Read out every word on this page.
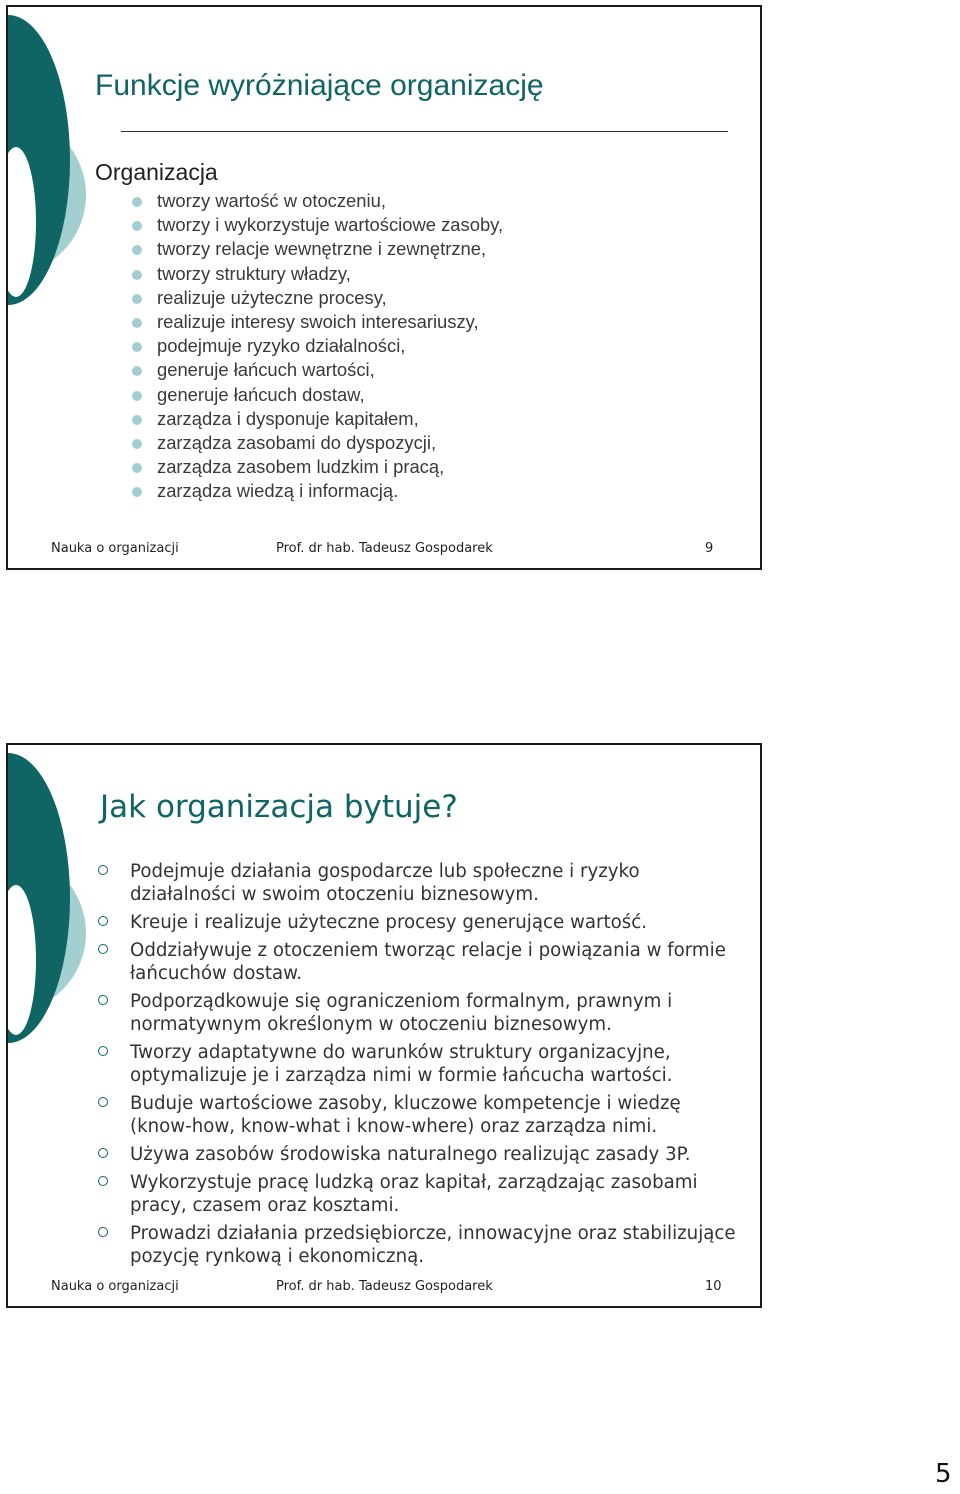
Funkcje wyróżniające organizację
Organizacja
tworzy wartość w otoczeniu,
tworzy i wykorzystuje wartościowe zasoby,
tworzy relacje wewnętrzne i zewnętrzne,
tworzy struktury władzy,
realizuje użyteczne procesy,
realizuje interesy swoich interesariuszy,
podejmuje ryzyko działalności,
generuje łańcuch wartości,
generuje łańcuch dostaw,
zarządza i dysponuje kapitałem,
zarządza zasobami do dyspozycji,
zarządza zasobem ludzkim i pracą,
zarządza wiedzą i informacją.
Nauka o organizacji	Prof. dr hab. Tadeusz Gospodarek	9
Jak organizacja bytuje?
Podejmuje działania gospodarcze lub społeczne i ryzyko działalności w swoim otoczeniu biznesowym.
Kreuje i realizuje użyteczne procesy generujące wartość.
Oddziaływuje z otoczeniem tworząc relacje i powiązania w formie łańcuchów dostaw.
Podporządkowuje się ograniczeniom formalnym, prawnym i normatywnym określonym w otoczeniu biznesowym.
Tworzy adaptatywne do warunków struktury organizacyjne, optymalizuje je i zarządza nimi w formie łańcucha wartości.
Buduje wartościowe zasoby, kluczowe kompetencje i wiedzę (know-how, know-what i know-where) oraz zarządza nimi.
Używa zasobów środowiska naturalnego realizując zasady 3P.
Wykorzystuje pracę ludzką oraz kapitał, zarządzając zasobami pracy, czasem oraz kosztami.
Prowadzi działania przedsiębiorcze, innowacyjne oraz stabilizujące pozycję rynkową i ekonomiczną.
Nauka o organizacji	Prof. dr hab. Tadeusz Gospodarek	10
5
